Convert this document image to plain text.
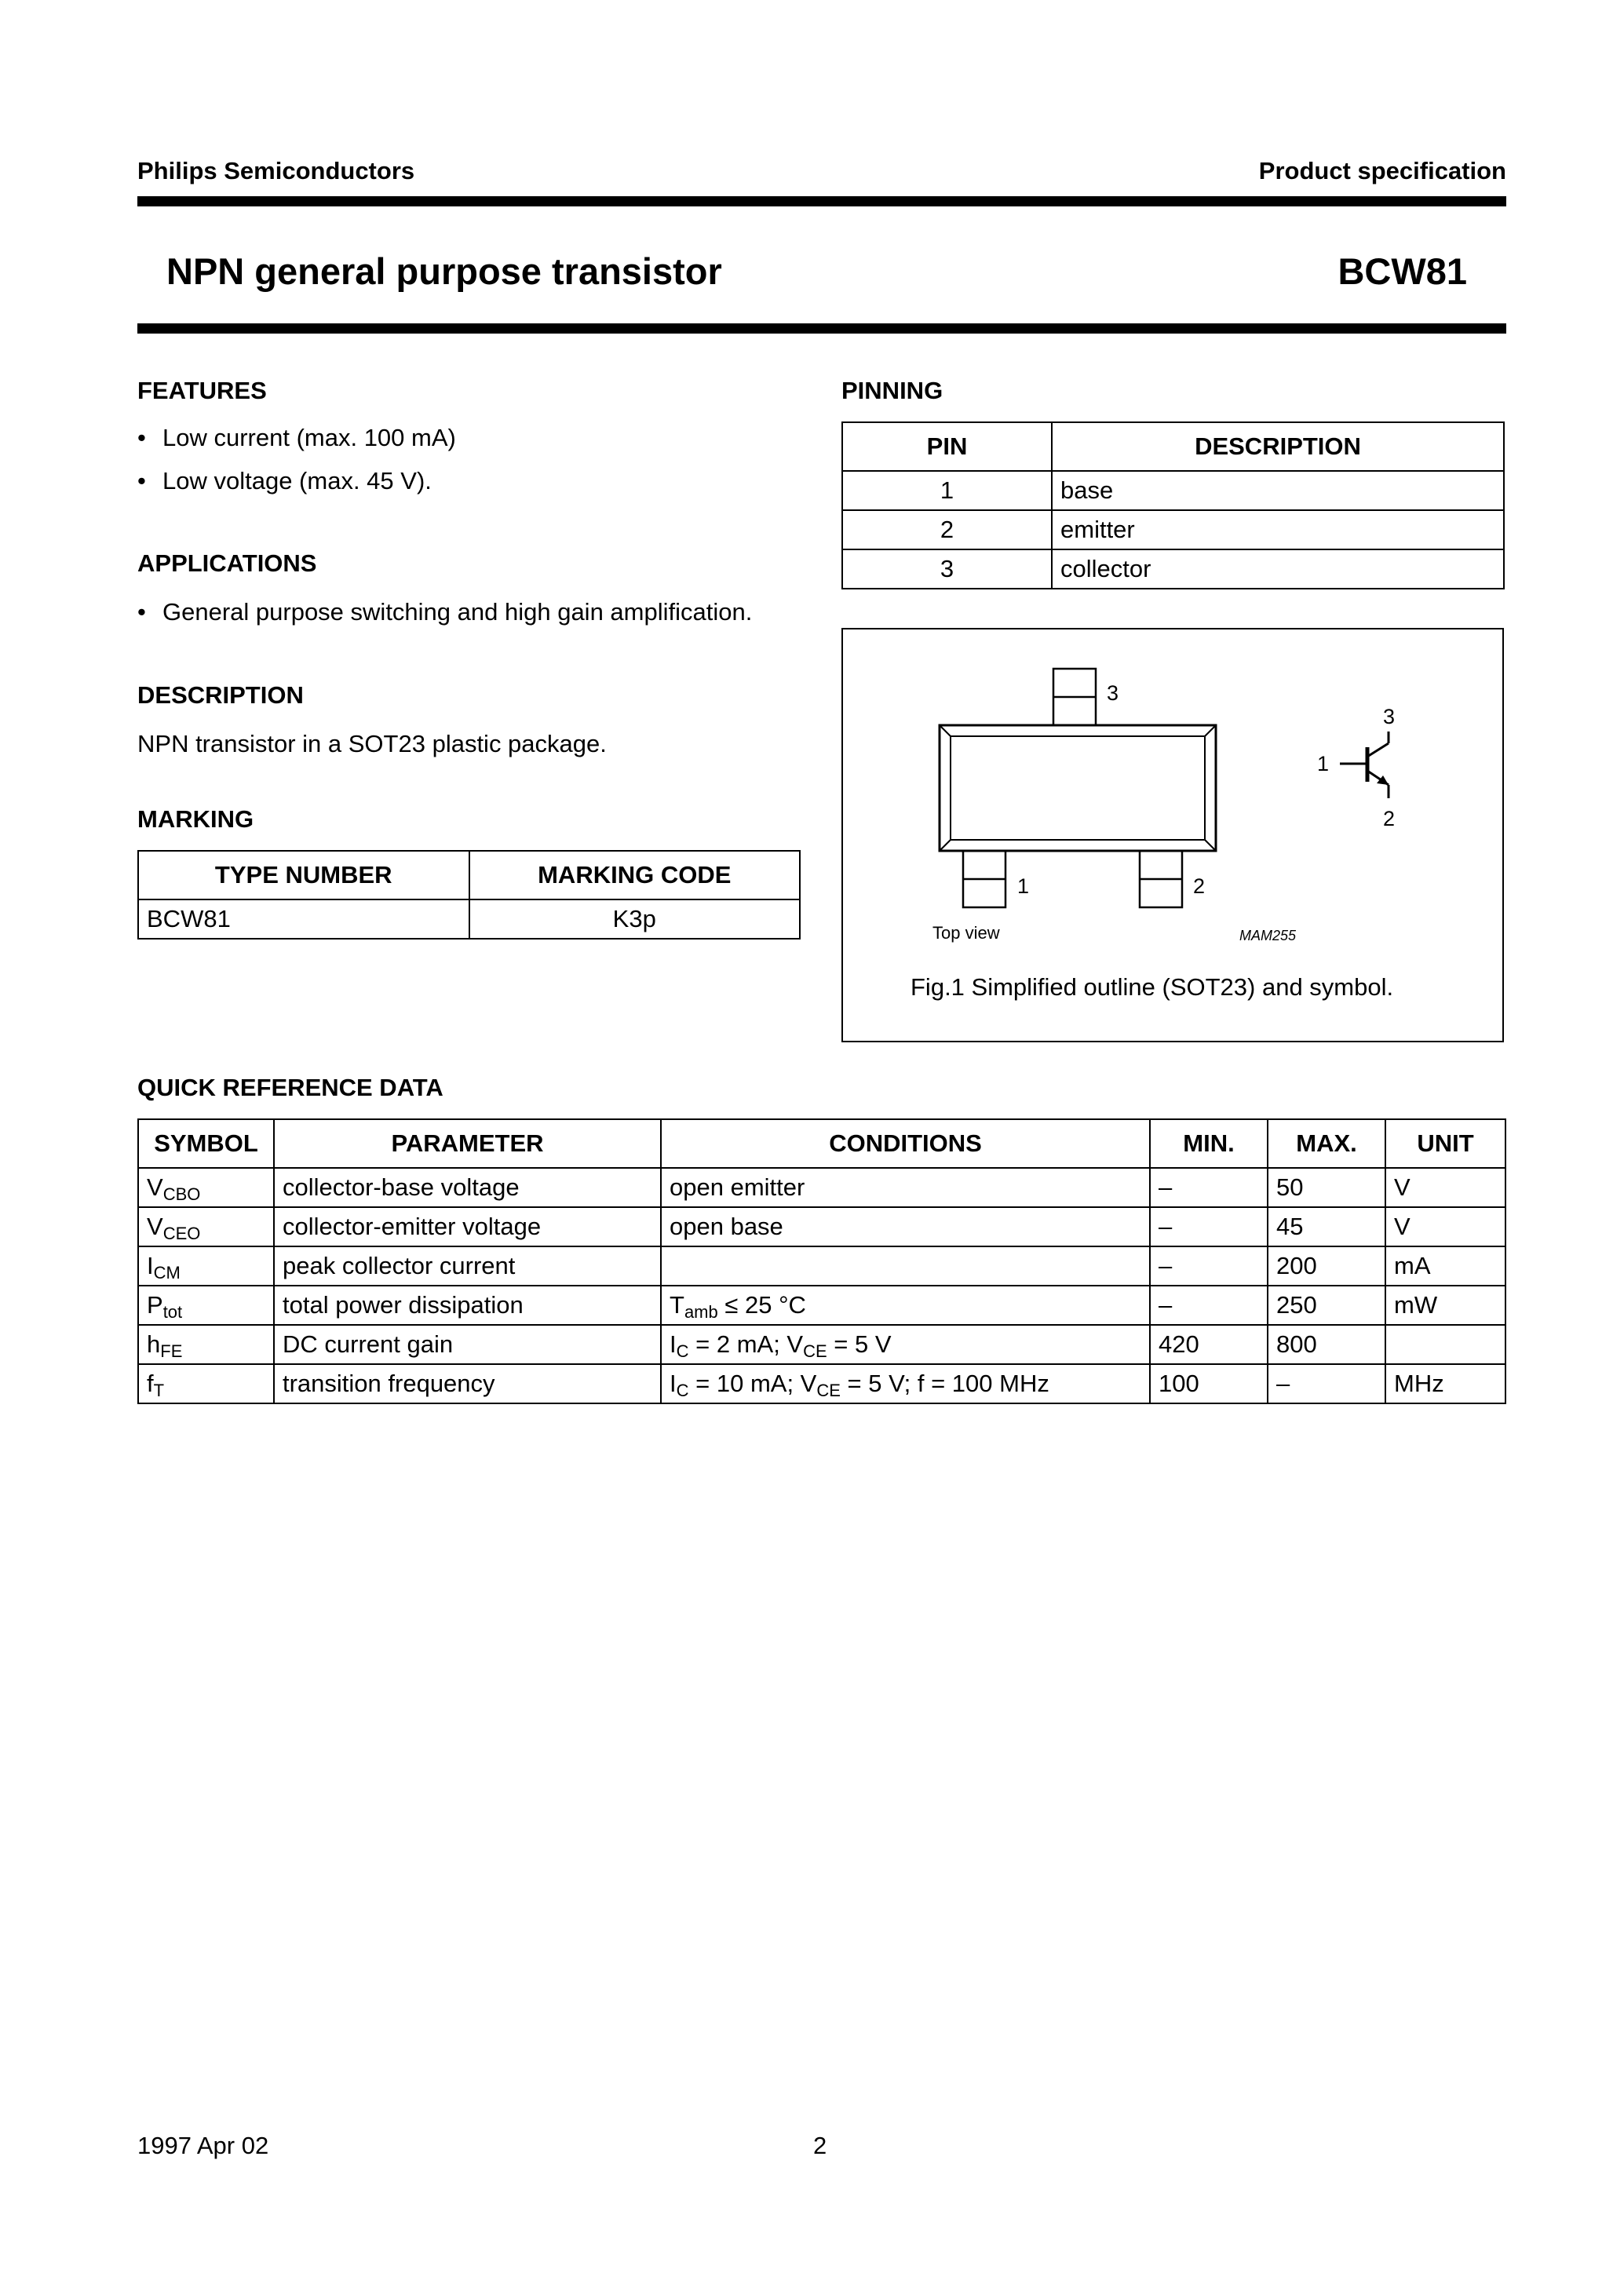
Philips Semiconductors	Product specification
NPN general purpose transistor	BCW81
FEATURES
• Low current (max. 100 mA)
• Low voltage (max. 45 V).
APPLICATIONS
• General purpose switching and high gain amplification.
DESCRIPTION
NPN transistor in a SOT23 plastic package.
MARKING
TYPE NUMBER	MARKING CODE
BCW81	K3p
PINNING
PIN	DESCRIPTION
1	base
2	emitter
3	collector
3
1	2
Top view	MAM255
3
1
2
Fig.1 Simplified outline (SOT23) and symbol.
QUICK REFERENCE DATA
SYMBOL	PARAMETER	CONDITIONS	MIN.	MAX.	UNIT
$V_{CBO}$	collector-base voltage	open emitter	–	50	V
$V_{CEO}$	collector-emitter voltage	open base	–	45	V
$I_{CM}$	peak collector current		–	200	mA
$P_{tot}$	total power dissipation	$T_{amb} \le 25$ °C	–	250	mW
$h_{FE}$	DC current gain	$I_C = 2$ mA; $V_{CE} = 5$ V	420	800	
$f_T$	transition frequency	$I_C = 10$ mA; $V_{CE} = 5$ V; f = 100 MHz	100	–	MHz
1997 Apr 02	2
